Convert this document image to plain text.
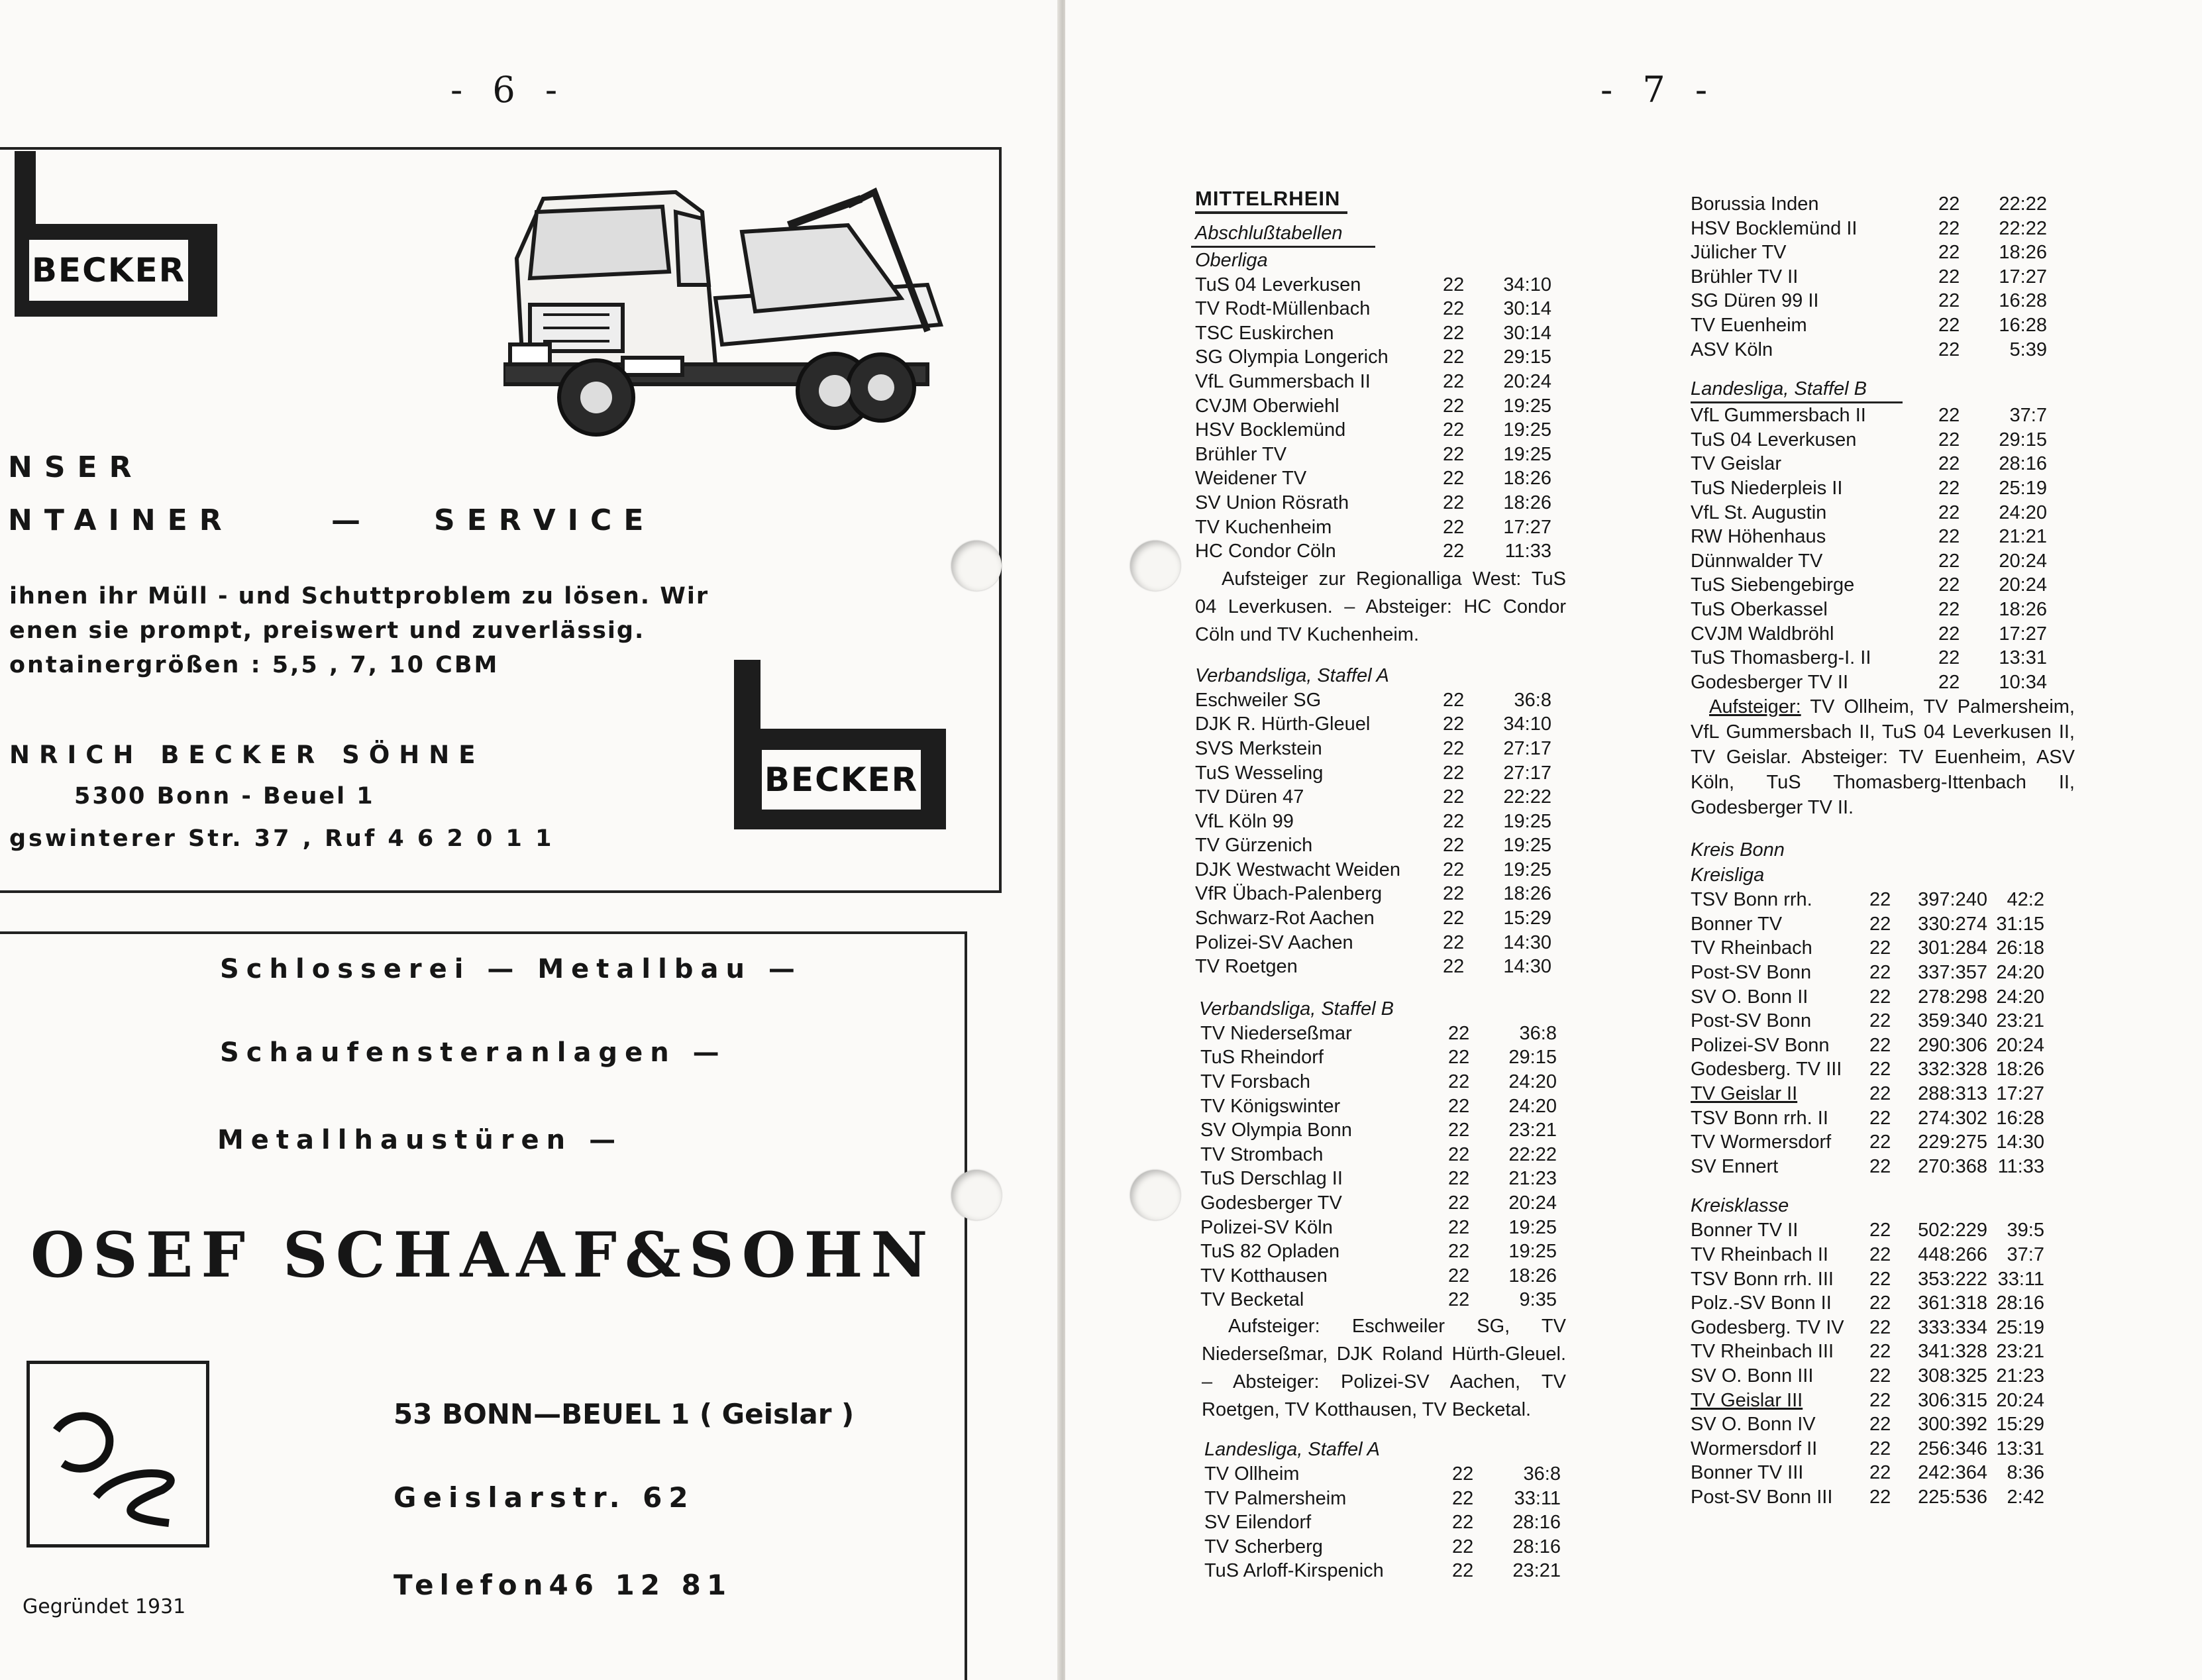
- 6 -
BECKER
NSER
NTAINER	— SERVICE
ihnen ihr Müll - und Schuttproblem zu lösen. Wir
enen sie prompt, preiswert und zuverlässig.
ontainergrößen : 5,5 , 7, 10 CBM
NRICH BECKER SÖHNE
5300 Bonn - Beuel 1
gswinterer Str. 37 , Ruf 4 6 2 0 1 1
BECKER
Schlosserei — Metallbau —
Schaufensteranlagen —
Metallhaustüren —
OSEF SCHAAF&SOHN
53 BONN—BEUEL 1 ( Geislar )
Geislarstr. 62
Telefon46 12 81
Gegründet 1931
- 7 -
MITTELRHEIN
Abschlußtabellen
Oberliga
TuS 04 Leverkusen	22	34:10
TV Rodt-Müllenbach	22	30:14
TSC Euskirchen	22	30:14
SG Olympia Longerich	22	29:15
VfL Gummersbach II	22	20:24
CVJM Oberwiehl	22	19:25
HSV Bocklemünd	22	19:25
Brühler TV	22	19:25
Weidener TV	22	18:26
SV Union Rösrath	22	18:26
TV Kuchenheim	22	17:27
HC Condor Cöln	22	11:33
Aufsteiger zur Regionalliga West: TuS 04 Leverkusen. – Absteiger: HC Condor Cöln und TV Kuchenheim.
Verbandsliga, Staffel A
Eschweiler SG	22	36:8
DJK R. Hürth-Gleuel	22	34:10
SVS Merkstein	22	27:17
TuS Wesseling	22	27:17
TV Düren 47	22	22:22
VfL Köln 99	22	19:25
TV Gürzenich	22	19:25
DJK Westwacht Weiden	22	19:25
VfR Übach-Palenberg	22	18:26
Schwarz-Rot Aachen	22	15:29
Polizei-SV Aachen	22	14:30
TV Roetgen	22	14:30
Verbandsliga, Staffel B
TV Niederseßmar	22	36:8
TuS Rheindorf	22	29:15
TV Forsbach	22	24:20
TV Königswinter	22	24:20
SV Olympia Bonn	22	23:21
TV Strombach	22	22:22
TuS Derschlag II	22	21:23
Godesberger TV	22	20:24
Polizei-SV Köln	22	19:25
TuS 82 Opladen	22	19:25
TV Kotthausen	22	18:26
TV Becketal	22	9:35
Aufsteiger: Eschweiler SG, TV Niederseßmar, DJK Roland Hürth-Gleuel. – Absteiger: Polizei-SV Aachen, TV Roetgen, TV Kotthausen, TV Becketal.
Landesliga, Staffel A
TV Ollheim	22	36:8
TV Palmersheim	22	33:11
SV Eilendorf	22	28:16
TV Scherberg	22	28:16
TuS Arloff-Kirspenich	22	23:21
Borussia Inden	22	22:22
HSV Bocklemünd II	22	22:22
Jülicher TV	22	18:26
Brühler TV II	22	17:27
SG Düren 99 II	22	16:28
TV Euenheim	22	16:28
ASV Köln	22	5:39
Landesliga, Staffel B
VfL Gummersbach II	22	37:7
TuS 04 Leverkusen	22	29:15
TV Geislar	22	28:16
TuS Niederpleis II	22	25:19
VfL St. Augustin	22	24:20
RW Höhenhaus	22	21:21
Dünnwalder TV	22	20:24
TuS Siebengebirge	22	20:24
TuS Oberkassel	22	18:26
CVJM Waldbröhl	22	17:27
TuS Thomasberg-I. II	22	13:31
Godesberger TV II	22	10:34
Aufsteiger: TV Ollheim, TV Palmersheim, VfL Gummersbach II, TuS 04 Leverkusen II, TV Geislar. Absteiger: TV Euenheim, ASV Köln, TuS Thomasberg-Ittenbach II, Godesberger TV II.
Kreis Bonn
Kreisliga
TSV Bonn rrh.	22	397:240	42:2
Bonner TV	22	330:274 31:15
TV Rheinbach	22	301:284 26:18
Post-SV Bonn	22	337:357 24:20
SV O. Bonn II	22	278:298 24:20
Post-SV Bonn	22	359:340 23:21
Polizei-SV Bonn	22	290:306 20:24
Godesberg. TV III	22	332:328 18:26
TV Geislar II	22	288:313 17:27
TSV Bonn rrh. II	22	274:302 16:28
TV Wormersdorf	22	229:275 14:30
SV Ennert	22	270:368 11:33
Kreisklasse
Bonner TV II	22	502:229	39:5
TV Rheinbach II	22	448:266	37:7
TSV Bonn rrh. III	22	353:222 33:11
Polz.-SV Bonn II	22	361:318 28:16
Godesberg. TV IV	22	333:334 25:19
TV Rheinbach III	22	341:328 23:21
SV O. Bonn III	22	308:325 21:23
TV Geislar III	22	306:315 20:24
SV O. Bonn IV	22	300:392 15:29
Wormersdorf II	22	256:346 13:31
Bonner TV III	22	242:364	8:36
Post-SV Bonn III	22	225:536	2:42
